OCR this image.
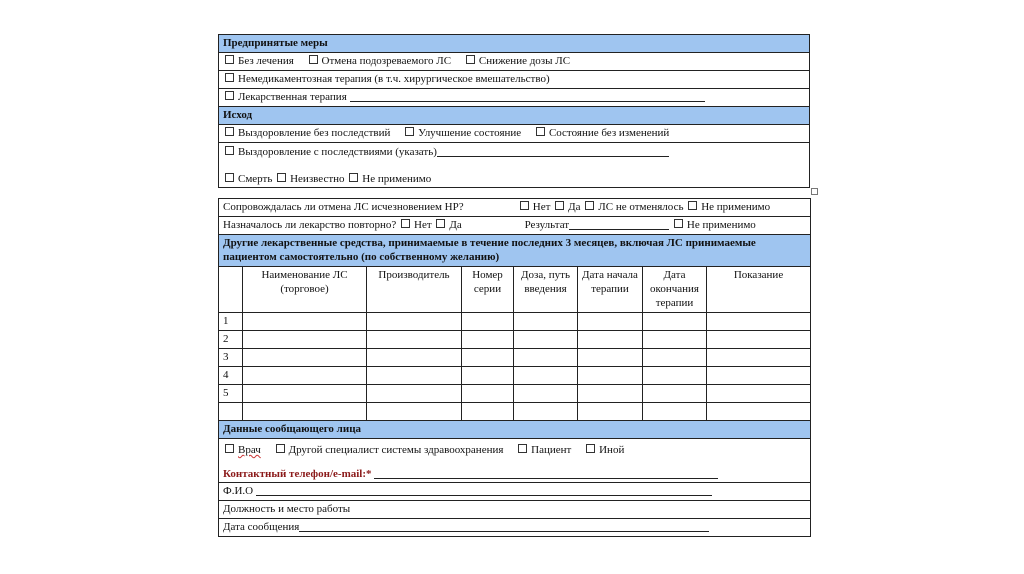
Предпринятые меры
Без лечения	Отмена подозреваемого ЛС	Снижение дозы ЛС
Немедикаментозная терапия (в т.ч. хирургическое вмешательство)
Лекарственная терапия
Исход
Выздоровление без последствий	Улучшение состояние	Состояние без изменений

Выздоровление с последствиями (указать)
Смерть Неизвестно Не применимо
Сопровождалась ли отмена ЛС исчезновением НР? Нет Да ЛС не отменялось Не применимо							
Назначалось ли лекарство повторно? Нет Да Результат Не применимо							
Другие лекарственные средства, принимаемые в течение последних 3 месяцев, включая ЛС принимаемые пациентом самостоятельно (по собственному желанию)							
	Наименование ЛС (торговое)	Производитель	Номер серии	Доза, путь введения	Дата начала терапии	Дата окончания терапии	Показание
1							
2							
3							
4							
5							

Данные сообщающего лица							

Врач Другой специалист системы здравоохранения Пациент Иной
Контактный телефон/e-mail:*							

Ф.И.О							
Должность и место работы							
Дата сообщения							
